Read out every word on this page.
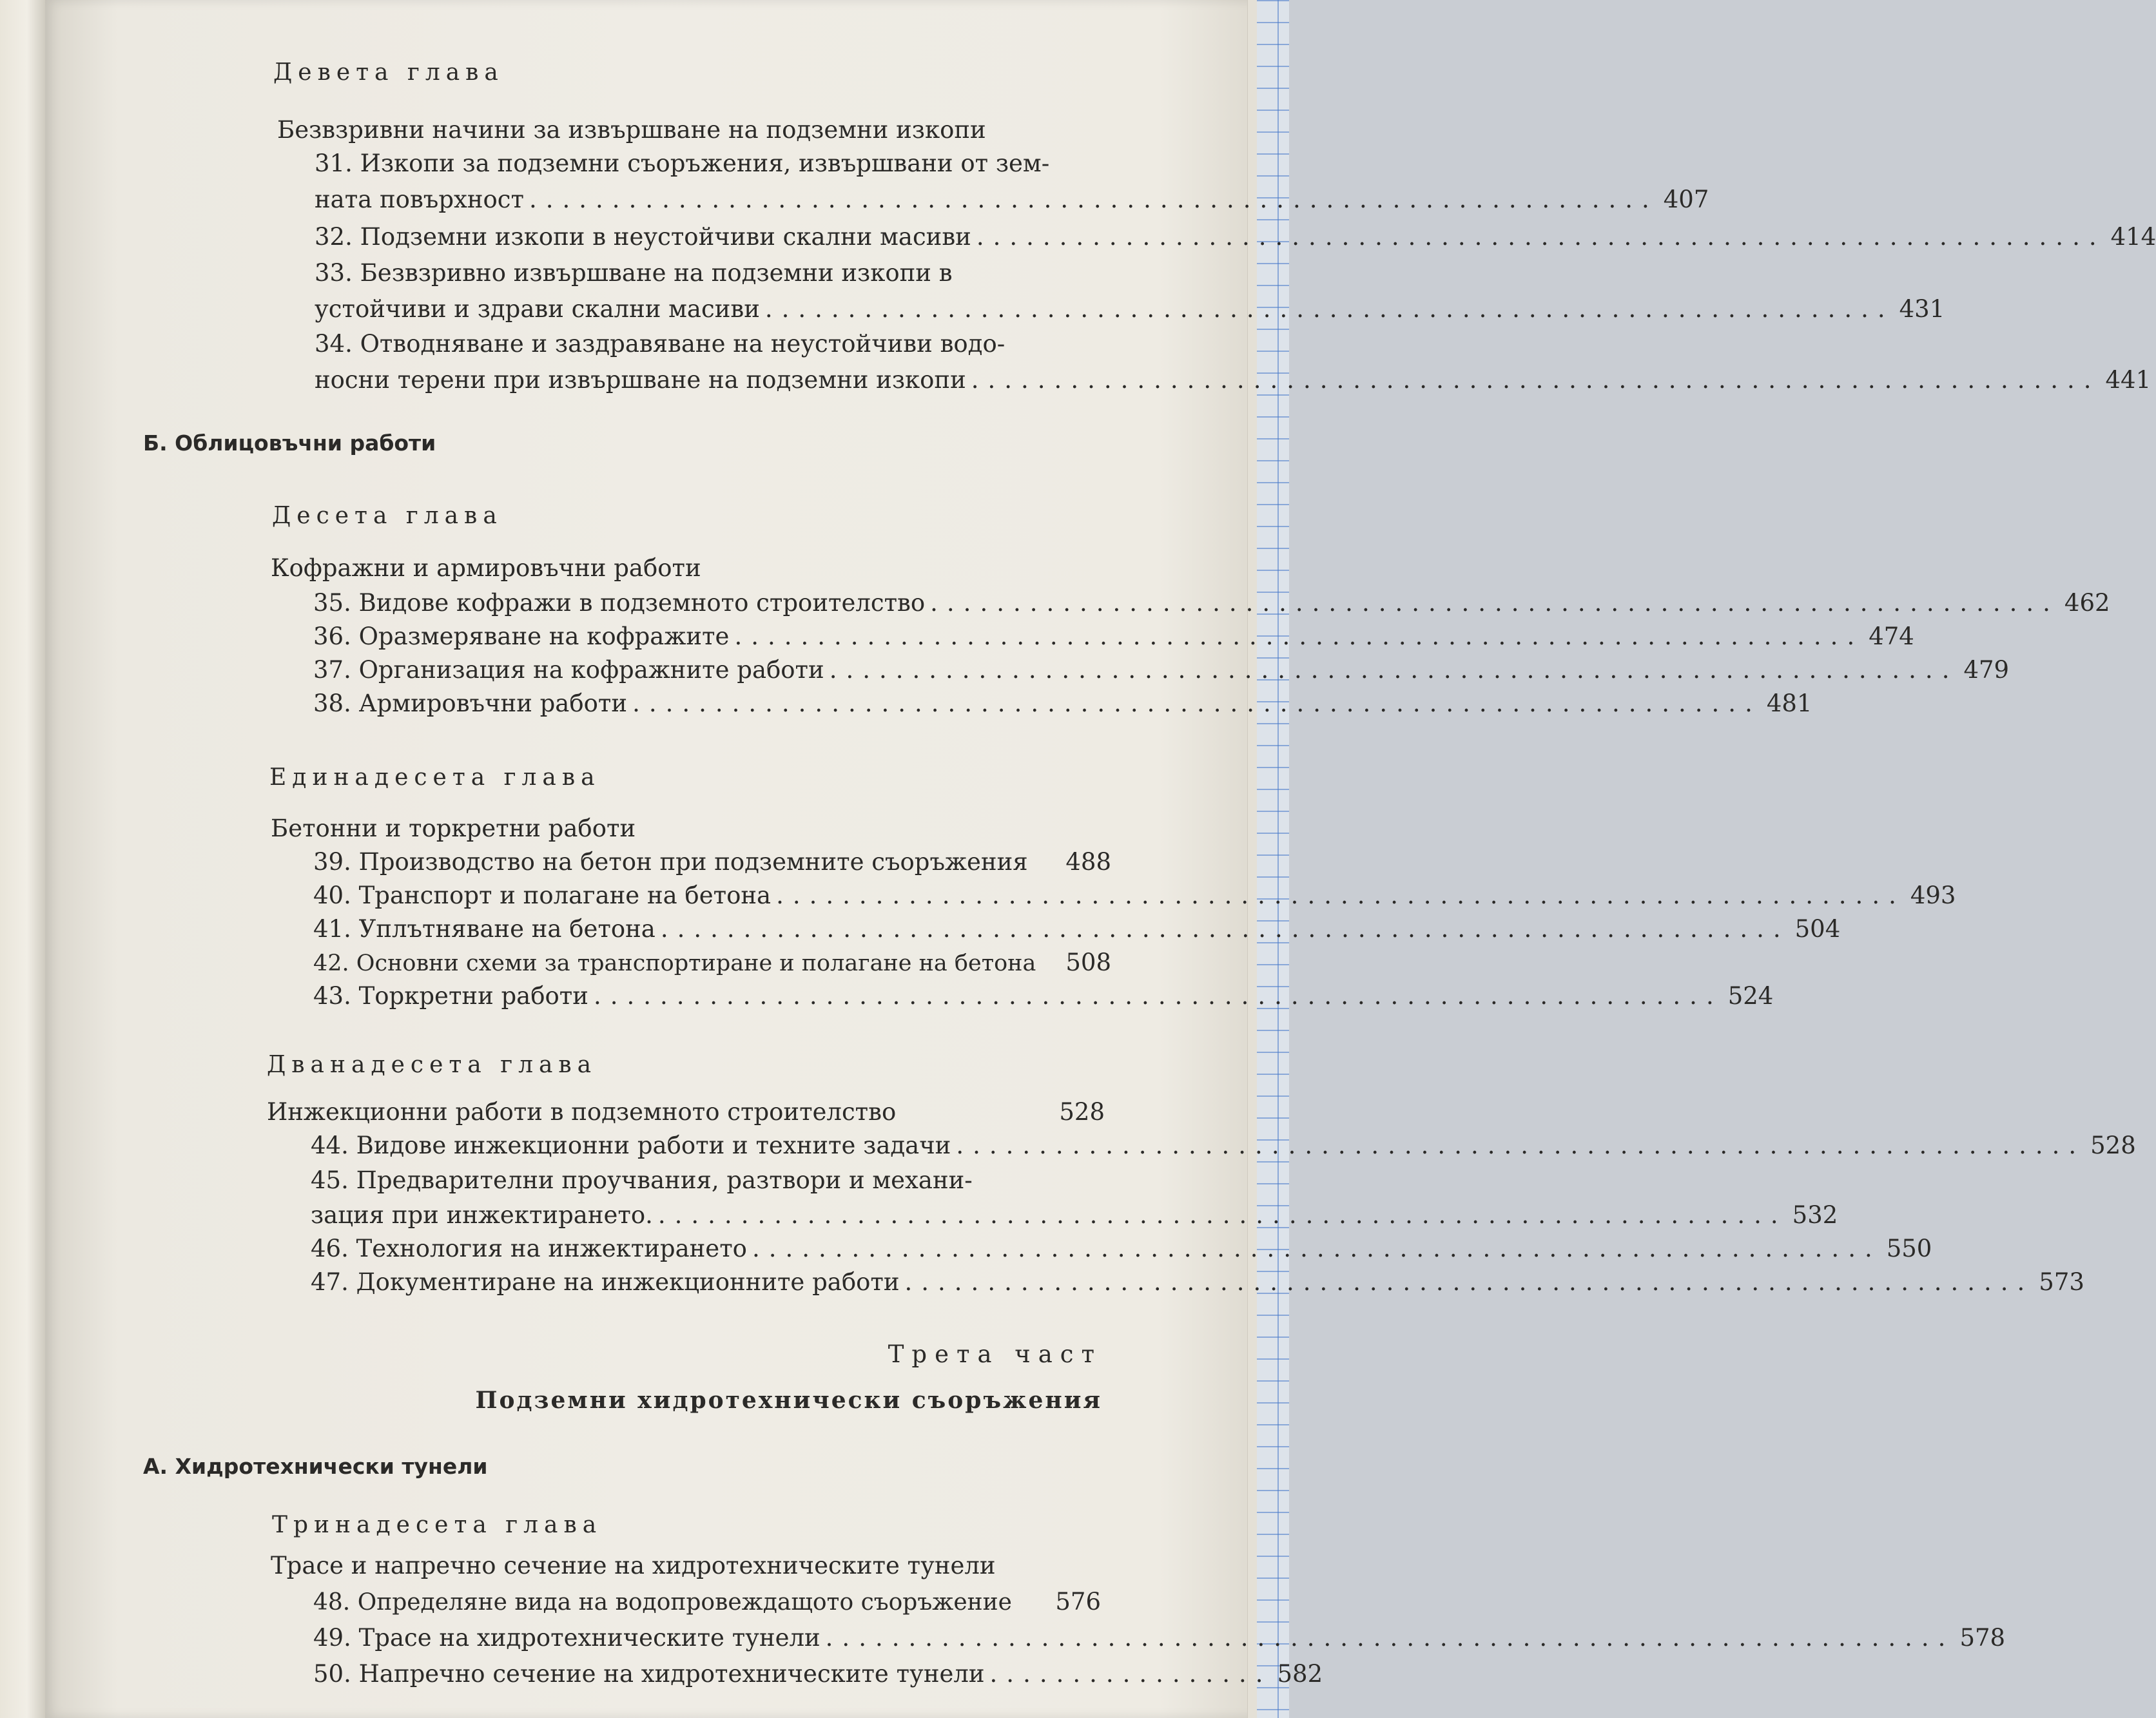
Девета глава
Безвзривни начини за извършване на подземни изкопи
31. Изкопи за подземни съоръжения, извършвани от зем-
ната повърхност .................................................................... 407
32. Подземни изкопи в неустойчиви скални масиви .................................................................... 414
33. Безвзривно извършване на подземни изкопи в
устойчиви и здрави скални масиви .................................................................... 431
34. Отводняване и заздравяване на неустойчиви водо-
носни терени при извършване на подземни изкопи .................................................................... 441
Б. Облицовъчни работи
Десета глава
Кофражни и армировъчни работи
35. Видове кофражи в подземното строителство .................................................................... 462
36. Оразмеряване на кофражите .................................................................... 474
37. Организация на кофражните работи .................................................................... 479
38. Армировъчни работи .................................................................... 481
Единадесета глава
Бетонни и торкретни работи
39. Производство на бетон при подземните съоръжения 488
40. Транспорт и полагане на бетона .................................................................... 493
41. Уплътняване на бетона .................................................................... 504
42. Основни схеми за транспортиране и полагане на бетона 508
43. Торкретни работи .................................................................... 524
Дванадесета глава
Инжекционни работи в подземното строителство	528
44. Видове инжекционни работи и техните задачи .................................................................... 528
45. Предварителни проучвания, разтвори и механи-
зация при инжектирането. .................................................................... 532
46. Технология на инжектирането .................................................................... 550
47. Документиране на инжекционните работи .................................................................... 573
Трета част
Подземни хидротехнически съоръжения
А. Хидротехнически тунели
Тринадесета глава
Трасе и напречно сечение на хидротехническите тунели
48. Определяне вида на водопровеждащото съоръжение 576
49. Трасе на хидротехническите тунели .................................................................... 578
50. Напречно сечение на хидротехническите тунели ................. 582
